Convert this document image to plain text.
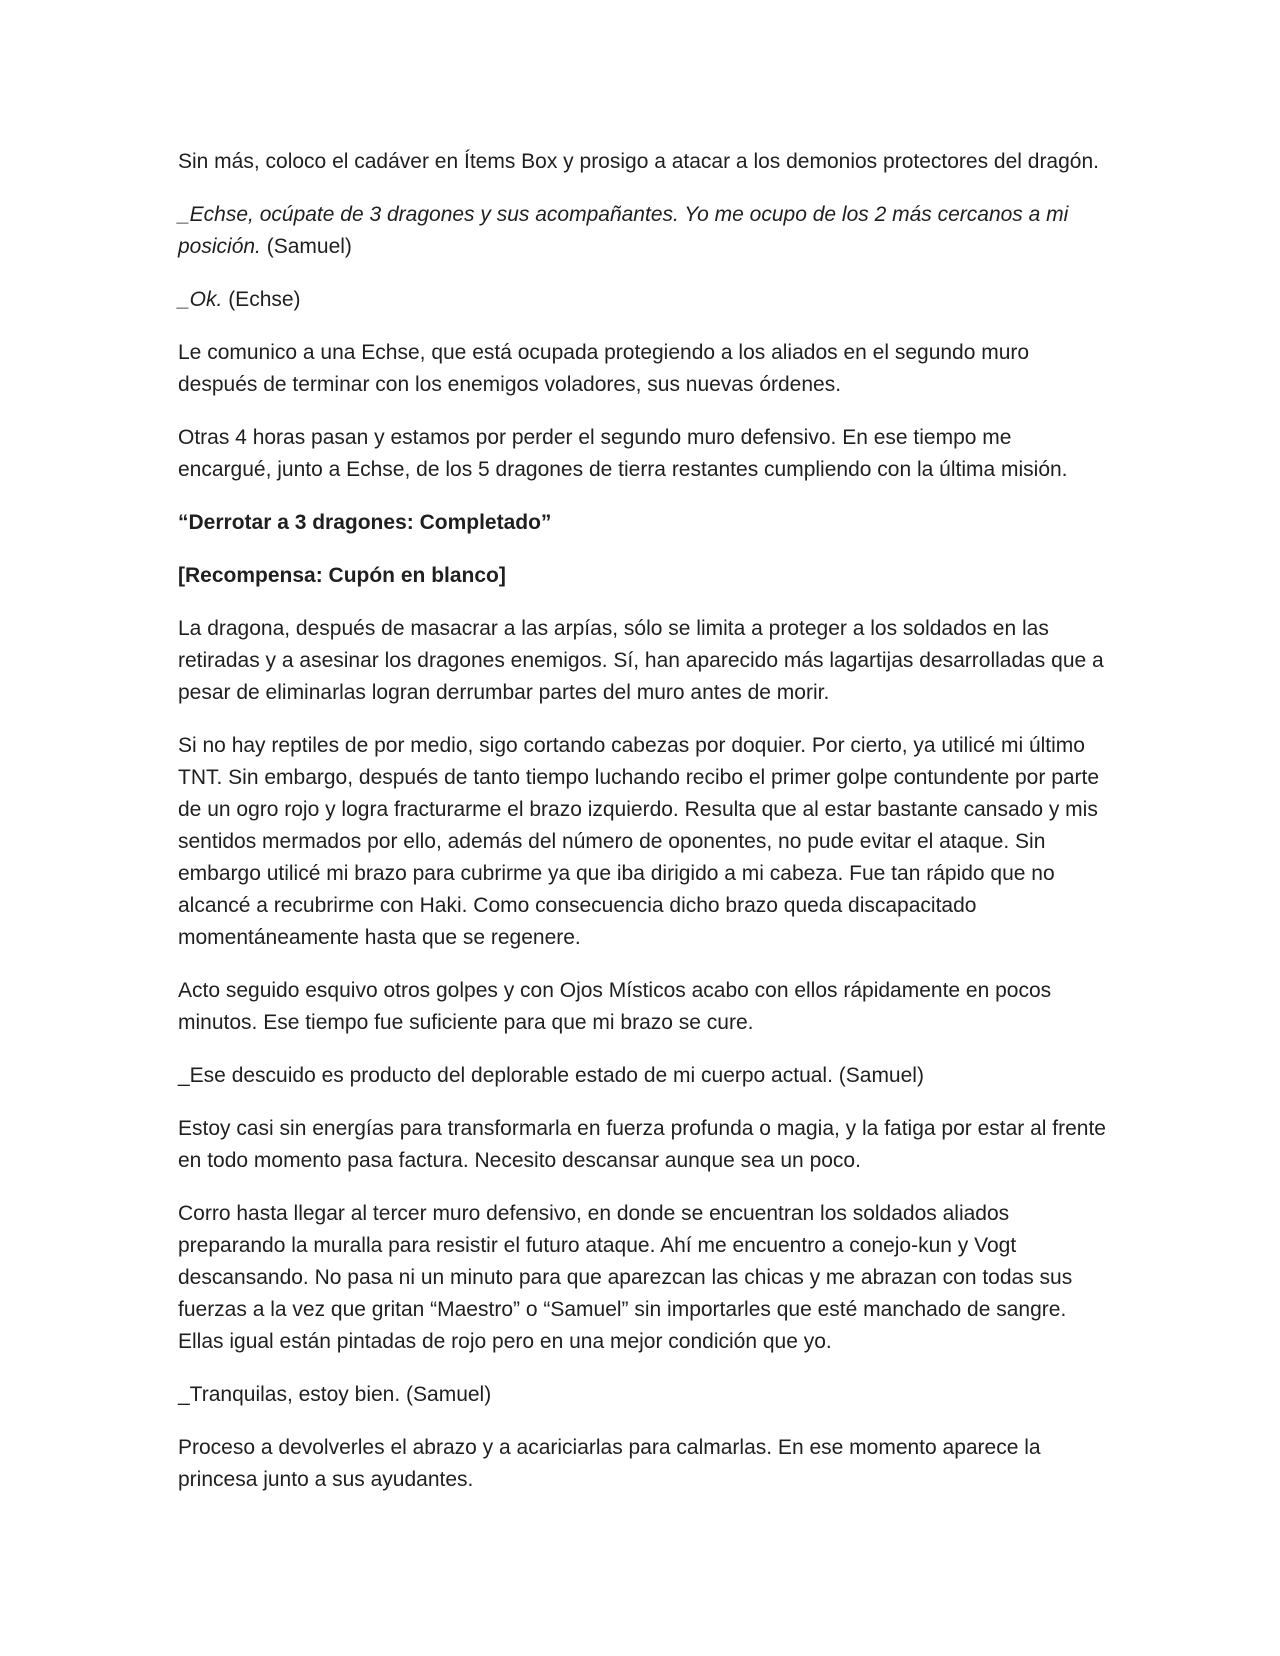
Sin más, coloco el cadáver en Ítems Box y prosigo a atacar a los demonios protectores del dragón.

_Echse, ocúpate de 3 dragones y sus acompañantes. Yo me ocupo de los 2 más cercanos a mi posición. (Samuel)

_Ok. (Echse)

Le comunico a una Echse, que está ocupada protegiendo a los aliados en el segundo muro después de terminar con los enemigos voladores, sus nuevas órdenes.

Otras 4 horas pasan y estamos por perder el segundo muro defensivo. En ese tiempo me encargué, junto a Echse, de los 5 dragones de tierra restantes cumpliendo con la última misión.

“Derrotar a 3 dragones: Completado”

[Recompensa: Cupón en blanco]

La dragona, después de masacrar a las arpías, sólo se limita a proteger a los soldados en las retiradas y a asesinar los dragones enemigos. Sí, han aparecido más lagartijas desarrolladas que a pesar de eliminarlas logran derrumbar partes del muro antes de morir.

Si no hay reptiles de por medio, sigo cortando cabezas por doquier. Por cierto, ya utilicé mi último TNT. Sin embargo, después de tanto tiempo luchando recibo el primer golpe contundente por parte de un ogro rojo y logra fracturarme el brazo izquierdo. Resulta que al estar bastante cansado y mis sentidos mermados por ello, además del número de oponentes, no pude evitar el ataque. Sin embargo utilicé mi brazo para cubrirme ya que iba dirigido a mi cabeza. Fue tan rápido que no alcancé a recubrirme con Haki. Como consecuencia dicho brazo queda discapacitado momentáneamente hasta que se regenere.

Acto seguido esquivo otros golpes y con Ojos Místicos acabo con ellos rápidamente en pocos minutos. Ese tiempo fue suficiente para que mi brazo se cure.

_Ese descuido es producto del deplorable estado de mi cuerpo actual. (Samuel)

Estoy casi sin energías para transformarla en fuerza profunda o magia, y la fatiga por estar al frente en todo momento pasa factura. Necesito descansar aunque sea un poco.

Corro hasta llegar al tercer muro defensivo, en donde se encuentran los soldados aliados preparando la muralla para resistir el futuro ataque. Ahí me encuentro a conejo-kun y Vogt descansando. No pasa ni un minuto para que aparezcan las chicas y me abrazan con todas sus fuerzas a la vez que gritan “Maestro” o “Samuel” sin importarles que esté manchado de sangre. Ellas igual están pintadas de rojo pero en una mejor condición que yo.

_Tranquilas, estoy bien. (Samuel)

Proceso a devolverles el abrazo y a acariciarlas para calmarlas. En ese momento aparece la princesa junto a sus ayudantes.
